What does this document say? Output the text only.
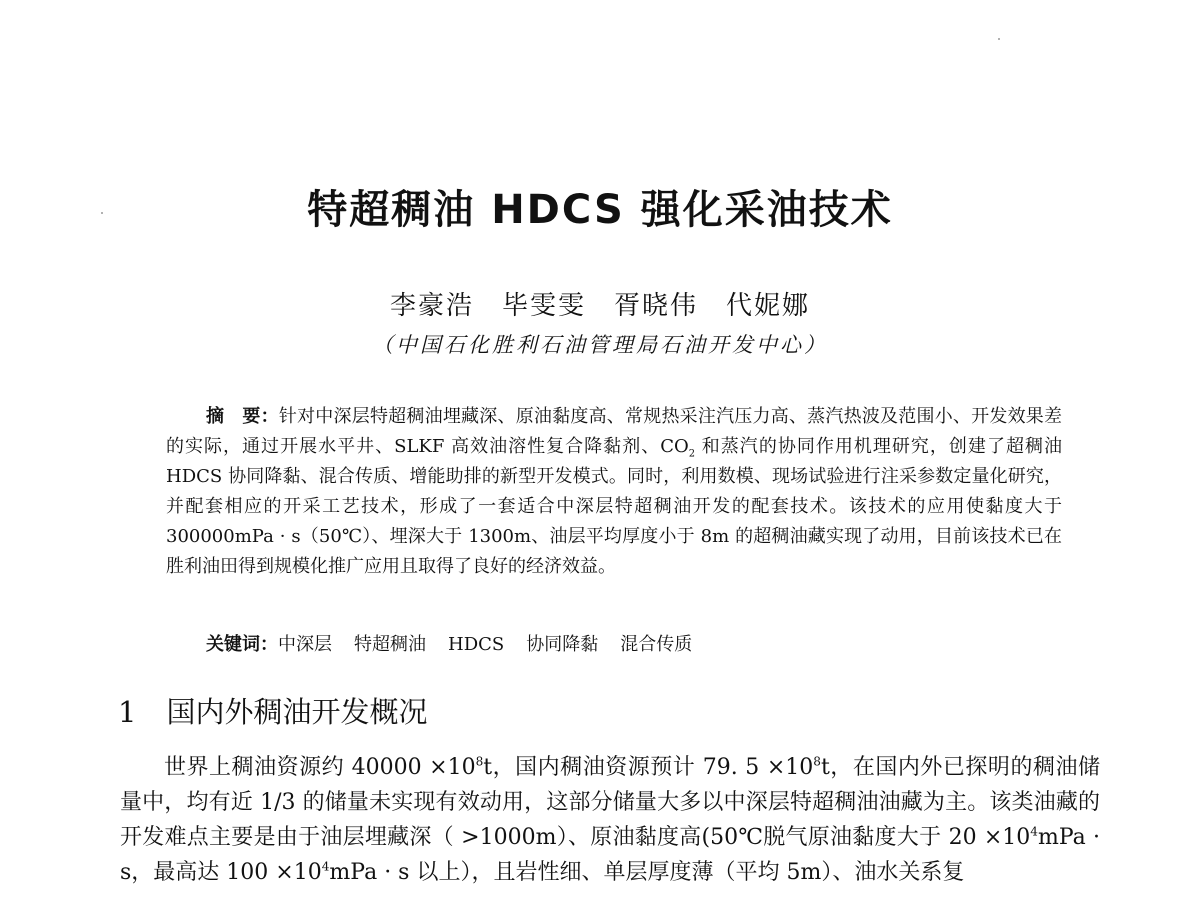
特超稠油 HDCS 强化采油技术
李豪浩 毕雯雯 胥晓伟 代妮娜
（中国石化胜利石油管理局石油开发中心）

摘　要：针对中深层特超稠油埋藏深、原油黏度高、常规热采注汽压力高、蒸汽热波及范围小、开发效果差的实际，通过开展水平井、SLKF 高效油溶性复合降黏剂、$CO_2$ 和蒸汽的协同作用机理研究，创建了超稠油 HDCS 协同降黏、混合传质、增能助排的新型开发模式。同时，利用数模、现场试验进行注采参数定量化研究，并配套相应的开采工艺技术，形成了一套适合中深层特超稠油开发的配套技术。该技术的应用使黏度大于 300000mPa · s（50℃）、埋深大于 1300m、油层平均厚度小于 8m 的超稠油藏实现了动用，目前该技术已在胜利油田得到规模化推广应用且取得了良好的经济效益。

关键词：中深层 特超稠油 HDCS 协同降黏 混合传质
1 国内外稠油开发概况

世界上稠油资源约 $40000 \times 10^8t$，国内稠油资源预计 79. $5 \times 10^8t$，在国内外已探明的稠油储量中，均有近 1/3 的储量未实现有效动用，这部分储量大多以中深层特超稠油油藏为主。该类油藏的开发难点主要是由于油层埋藏深（ >1000m）、原油黏度高(50℃脱气原油黏度大于 $20 \times 10^4mPa \cdot s$，最高达 $100 \times 10^4mPa \cdot s$ 以上），且岩性细、单层厚度薄（平均 5m）、油水关系复
